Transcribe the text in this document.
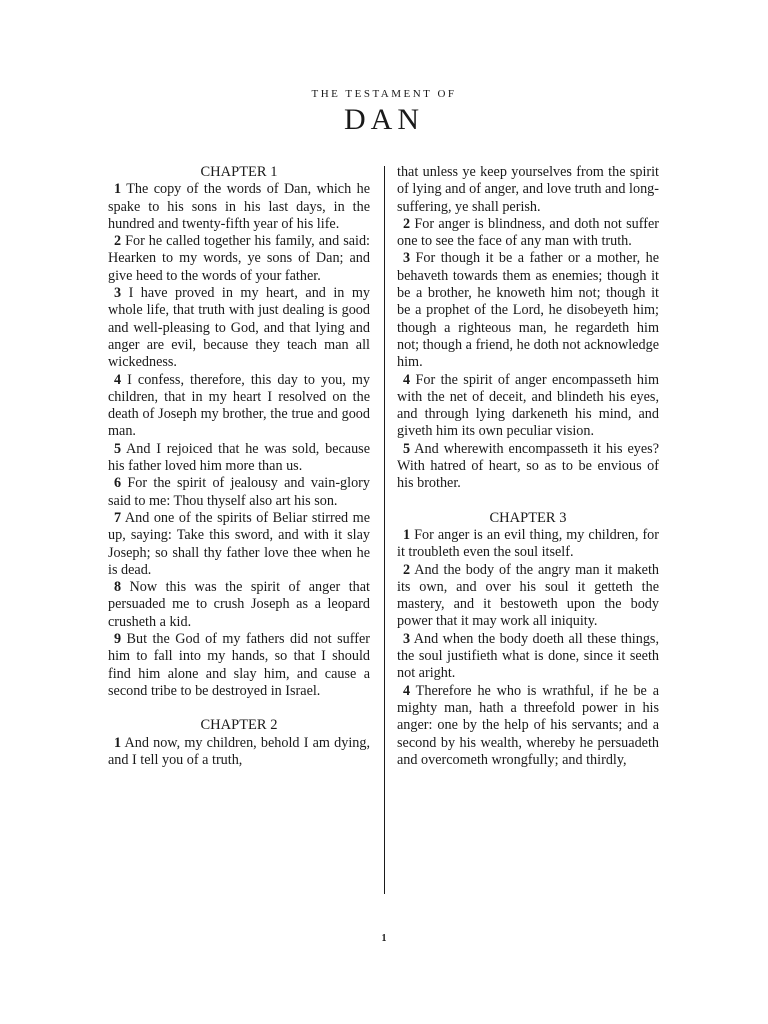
THE TESTAMENT OF
DAN
CHAPTER 1
1 The copy of the words of Dan, which he spake to his sons in his last days, in the hundred and twenty-fifth year of his life.
2 For he called together his family, and said: Hearken to my words, ye sons of Dan; and give heed to the words of your father.
3 I have proved in my heart, and in my whole life, that truth with just dealing is good and well-pleasing to God, and that lying and anger are evil, because they teach man all wickedness.
4 I confess, therefore, this day to you, my children, that in my heart I resolved on the death of Joseph my brother, the true and good man.
5 And I rejoiced that he was sold, because his father loved him more than us.
6 For the spirit of jealousy and vain-glory said to me: Thou thyself also art his son.
7 And one of the spirits of Beliar stirred me up, saying: Take this sword, and with it slay Joseph; so shall thy father love thee when he is dead.
8 Now this was the spirit of anger that persuaded me to crush Joseph as a leopard crusheth a kid.
9 But the God of my fathers did not suffer him to fall into my hands, so that I should find him alone and slay him, and cause a second tribe to be destroyed in Israel.
CHAPTER 2
1 And now, my children, behold I am dying, and I tell you of a truth,
that unless ye keep yourselves from the spirit of lying and of anger, and love truth and long-suffering, ye shall perish.
2 For anger is blindness, and doth not suffer one to see the face of any man with truth.
3 For though it be a father or a mother, he behaveth towards them as enemies; though it be a brother, he knoweth him not; though it be a prophet of the Lord, he disobeyeth him; though a righteous man, he regardeth him not; though a friend, he doth not acknowledge him.
4 For the spirit of anger encompasseth him with the net of deceit, and blindeth his eyes, and through lying darkeneth his mind, and giveth him its own peculiar vision.
5 And wherewith encompasseth it his eyes? With hatred of heart, so as to be envious of his brother.
CHAPTER 3
1 For anger is an evil thing, my children, for it troubleth even the soul itself.
2 And the body of the angry man it maketh its own, and over his soul it getteth the mastery, and it bestoweth upon the body power that it may work all iniquity.
3 And when the body doeth all these things, the soul justifieth what is done, since it seeth not aright.
4 Therefore he who is wrathful, if he be a mighty man, hath a threefold power in his anger: one by the help of his servants; and a second by his wealth, whereby he persuadeth and overcometh wrongfully; and thirdly,
1
